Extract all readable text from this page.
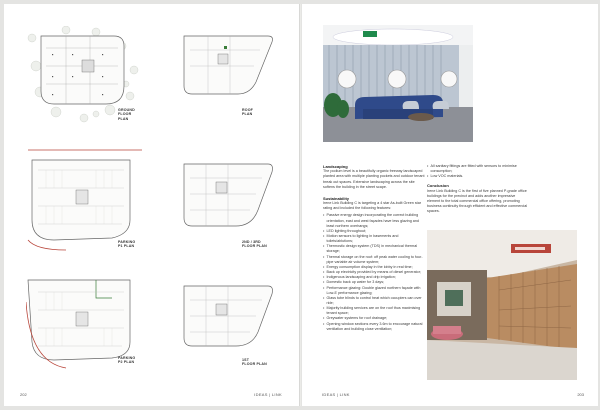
GROUND
FLOOR PLAN
ROOF
PLAN
PARKING
P1 PLAN
2ND / 3RD
FLOOR PLAN
PARKING
P2 PLAN
1ST
FLOOR PLAN
202	IDEAS | LINK
Landscaping

The podium level is a beautifully organic freeway landscaped planted area with multiple planting pockets and outdoor tenant break out spaces. Extensive landscaping across the site softens the building in the street scape.

Sustainability

Irene Link Building C is targeting a 4 star As-built Green star rating and included the following features:

• Passive energy design incorporating the correct building orientation, east and west façades have less glazing and least northern overhangs;
• LED lighting throughout;
• Motion sensors to lighting in basements and toilets/ablutions;
• Thermostic design system (TDS) in mechanical thermal storage;
• Thermal storage on the roof: off peak water cooling to four-pipe variable air volume system;
• Energy consumption display in the lobby in real time;
• Back up electricity provided by means of diesel generator;
• Indigenous landscaping and drip irrigation;
• Domestic back up water for 3 days;
• Performance glazing: Double glazed northern façade with Low-E performance glazing;
• Glass tube blinds to control heat which occupiers can over ride;
• Majority building services are on the roof thus maximising tenant space;
• Greywater systems for roof drainage;
• Opening window sections every 3.6m to encourage natural ventilation and building close ventilation;
• All sanitary fittings are fitted with sensors to minimise consumption;
• Low VOC materials.
Conclusion

Irene Link Building C is the first of five planned P-grade office buildings for the precinct and adds another impressive element to the total commercial office offering, promoting business continuity through efficient and effective commercial spaces.

IDEAS | LINK	203
